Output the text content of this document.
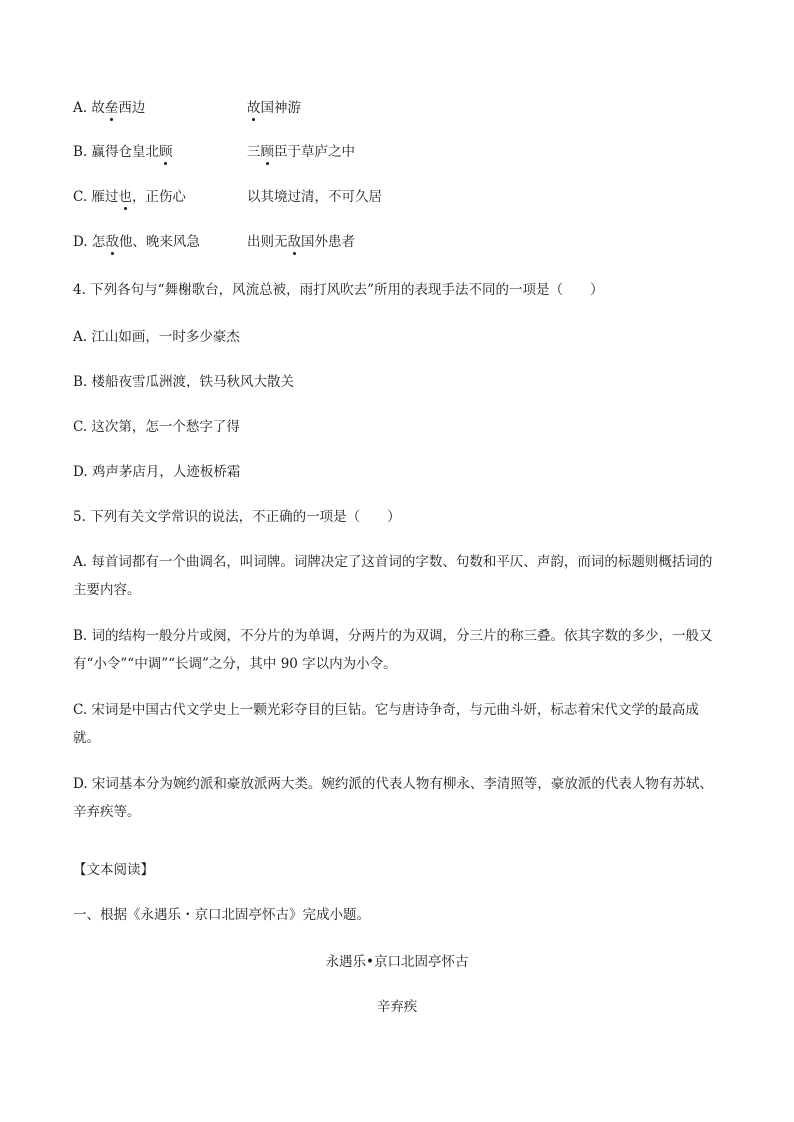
A. 故垒西边	故国神游
B. 赢得仓皇北顾	三顾臣于草庐之中
C. 雁过也，正伤心	以其境过清，不可久居
D. 怎敌他、晚来风急	出则无敌国外患者
4. 下列各句与“舞榭歌台，风流总被，雨打风吹去”所用的表现手法不同的一项是（　　）
A. 江山如画，一时多少豪杰
B. 楼船夜雪瓜洲渡，铁马秋风大散关
C. 这次第，怎一个愁字了得
D. 鸡声茅店月，人迹板桥霜
5. 下列有关文学常识的说法，不正确的一项是（　　）
A. 每首词都有一个曲调名，叫词牌。词牌决定了这首词的字数、句数和平仄、声韵，而词的标题则概括词的主要内容。
B. 词的结构一般分片或阕，不分片的为单调，分两片的为双调，分三片的称三叠。依其字数的多少，一般又有“小令”“中调”“长调”之分，其中 90 字以内为小令。
C. 宋词是中国古代文学史上一颗光彩夺目的巨钻。它与唐诗争奇，与元曲斗妍，标志着宋代文学的最高成就。
D. 宋词基本分为婉约派和豪放派两大类。婉约派的代表人物有柳永、李清照等，豪放派的代表人物有苏轼、辛弃疾等。
【文本阅读】
一、根据《永遇乐・京口北固亭怀古》完成小题。
永遇乐•京口北固亭怀古
辛弃疾
